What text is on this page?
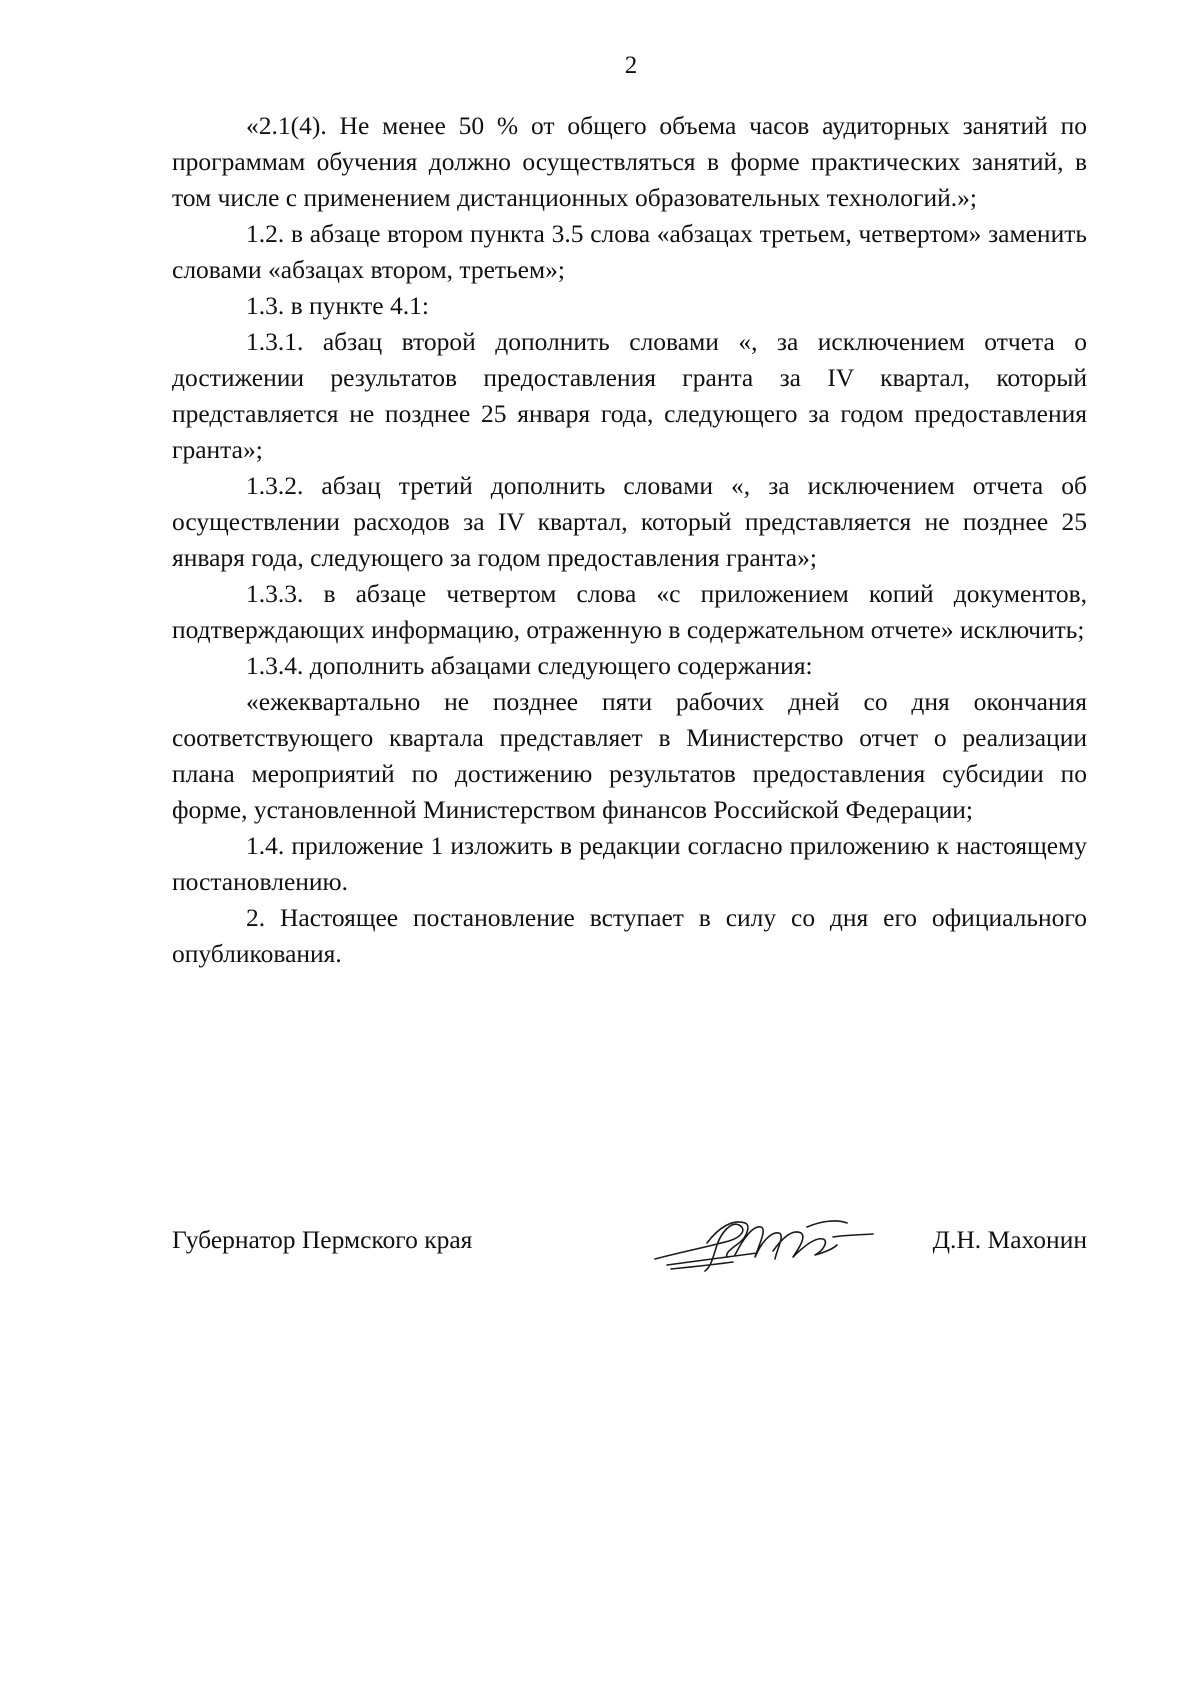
2

«2.1(4). Не менее 50 % от общего объема часов аудиторных занятий по программам обучения должно осуществляться в форме практических занятий, в том числе с применением дистанционных образовательных технологий.»;

1.2. в абзаце втором пункта 3.5 слова «абзацах третьем, четвертом» заменить словами «абзацах втором, третьем»;

1.3. в пункте 4.1:

1.3.1. абзац второй дополнить словами «, за исключением отчета о достижении результатов предоставления гранта за IV квартал, который представляется не позднее 25 января года, следующего за годом предоставления гранта»;

1.3.2. абзац третий дополнить словами «, за исключением отчета об осуществлении расходов за IV квартал, который представляется не позднее 25 января года, следующего за годом предоставления гранта»;

1.3.3. в абзаце четвертом слова «с приложением копий документов, подтверждающих информацию, отраженную в содержательном отчете» исключить;

1.3.4. дополнить абзацами следующего содержания:

«ежеквартально не позднее пяти рабочих дней со дня окончания соответствующего квартала представляет в Министерство отчет о реализации плана мероприятий по достижению результатов предоставления субсидии по форме, установленной Министерством финансов Российской Федерации;

1.4. приложение 1 изложить в редакции согласно приложению к настоящему постановлению.

2. Настоящее постановление вступает в силу со дня его официального опубликования.

Губернатор Пермского края	Д.Н. Махонин
